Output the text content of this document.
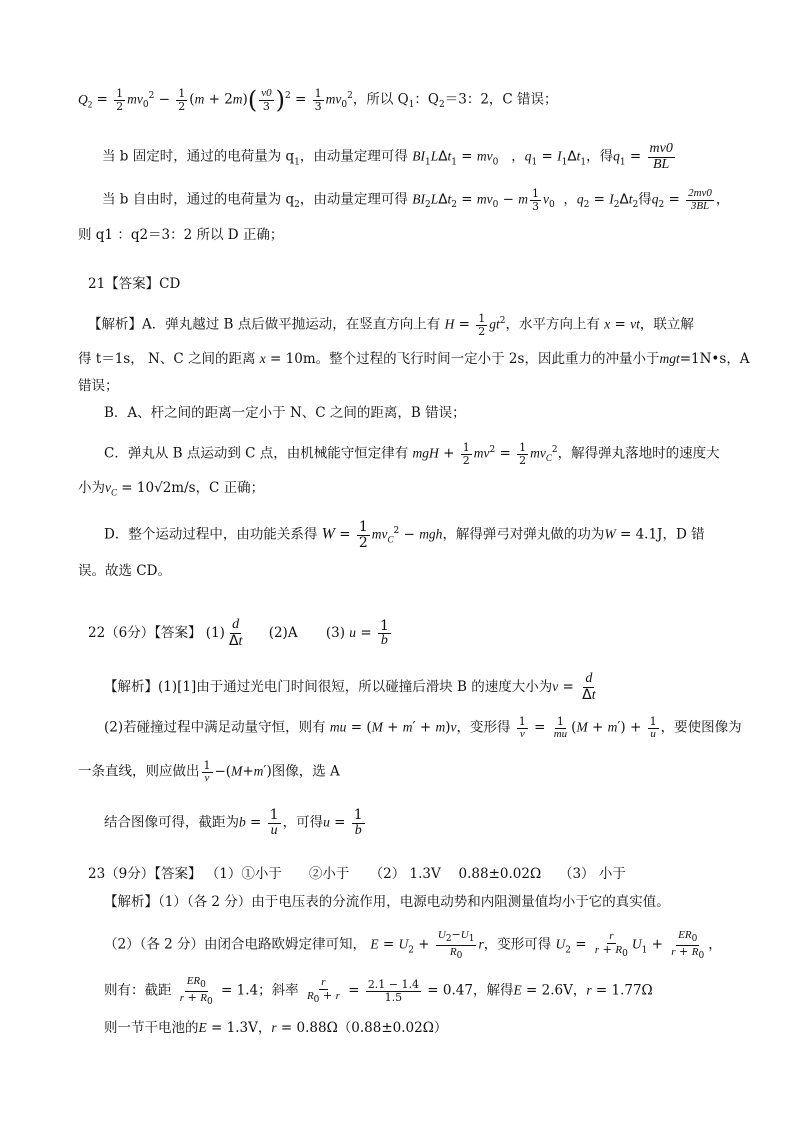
$Q_2 = \frac{1}{2} mv_0^2 - \frac{1}{2} (m + 2m)( \frac{v0}{3} )^2 = \frac{1}{3} mv_0^2$，所以 $Q_1$：$Q_2=3$：2，C 错误；
当 b 固定时，通过的电荷量为 $q_1$，由动量定理可得 $BI_1L\Delta t_1 = mv_0$   ，$q_1 = I_1\Delta t_1$，得$q_1 = \frac{mv0}{BL}$
当 b 自由时，通过的电荷量为 $q_2$，由动量定理可得 $BI_2L\Delta t_2 = mv_0 - m \frac{1}{3} v_0$  ，$q_2 = I_2\Delta t_2$得$q_2 = \frac{2mv0}{3BL}$ ，
则 q1 ：q2＝3：2 所以 D 正确；
21【答案】CD
【解析】A．弹丸越过 B 点后做平抛运动，在竖直方向上有 $H = \frac{1}{2} gt^2$，水平方向上有 x = vt，联立解
得 t＝1s， N、C 之间的距离 x = 10m。整个过程的飞行时间一定小于 2s，因此重力的冲量小于mgt=1N•s，A
错误；
B．A、杆之间的距离一定小于 N、C 之间的距离，B 错误；
C．弹丸从 B 点运动到 C 点，由机械能守恒定律有 mgH + $\frac{1}{2} mv^2 = \frac{1}{2} mv_C^2$，解得弹丸落地时的速度大
小为$v_C = 10√2m/s$，C 正确；
D．整个运动过程中，由功能关系得 $W = \frac{1}{2} mv_C^2$ − mgh，解得弹弓对弹丸做的功为W = 4.1J，D 错
误。故选 CD。
22（6分）【答案】 $(1) \frac{d}{\Delta t} (2)A$ (3) $u = \frac{1}{b}$
【解析】(1)[1]由于通过光电门时间很短，所以碰撞后滑块 B 的速度大小为$v = \frac{d}{\Delta t}$
(2)若碰撞过程中满足动量守恒，则有 mu = (M + m′ + m)v，变形得 $\frac{1}{v} = \frac{1}{mu} (M + m') + \frac{1}{u}$ ，要使图像为
一条直线，则应做出 $\frac{1}{v} -(M+m')$图像，选 A
结合图像可得，截距为$b = \frac{1}{u}$ ，可得$u = \frac{1}{b}$
23（9分）【答案】 （1）①小于　　②小于　　（2） 1.3V　 0.88±0.02Ω　 （3） 小于
【解析】（1）（各 2 分）由于电压表的分流作用，电源电动势和内阻测量值均小于它的真实值。
（2）（各 2 分）由闭合电路欧姆定律可知， $E = U_2 + \frac{U_2-U_1}{R_0}$ r，变形可得 $U_2 = \frac{r}{r + R_0} U_1 + \frac{ER_0}{r + R_0}$ ，
则有：截距 $\frac{ER_0}{r + R_0} = 1.4$；斜率 $\frac{r}{R_0 + r} = \frac{2.1 - 1.4}{1.5} = 0.47$，解得E = 2.6V，r = 1.77Ω
则一节干电池的E = 1.3V，r = 0.88Ω（0.88±0.02Ω）
